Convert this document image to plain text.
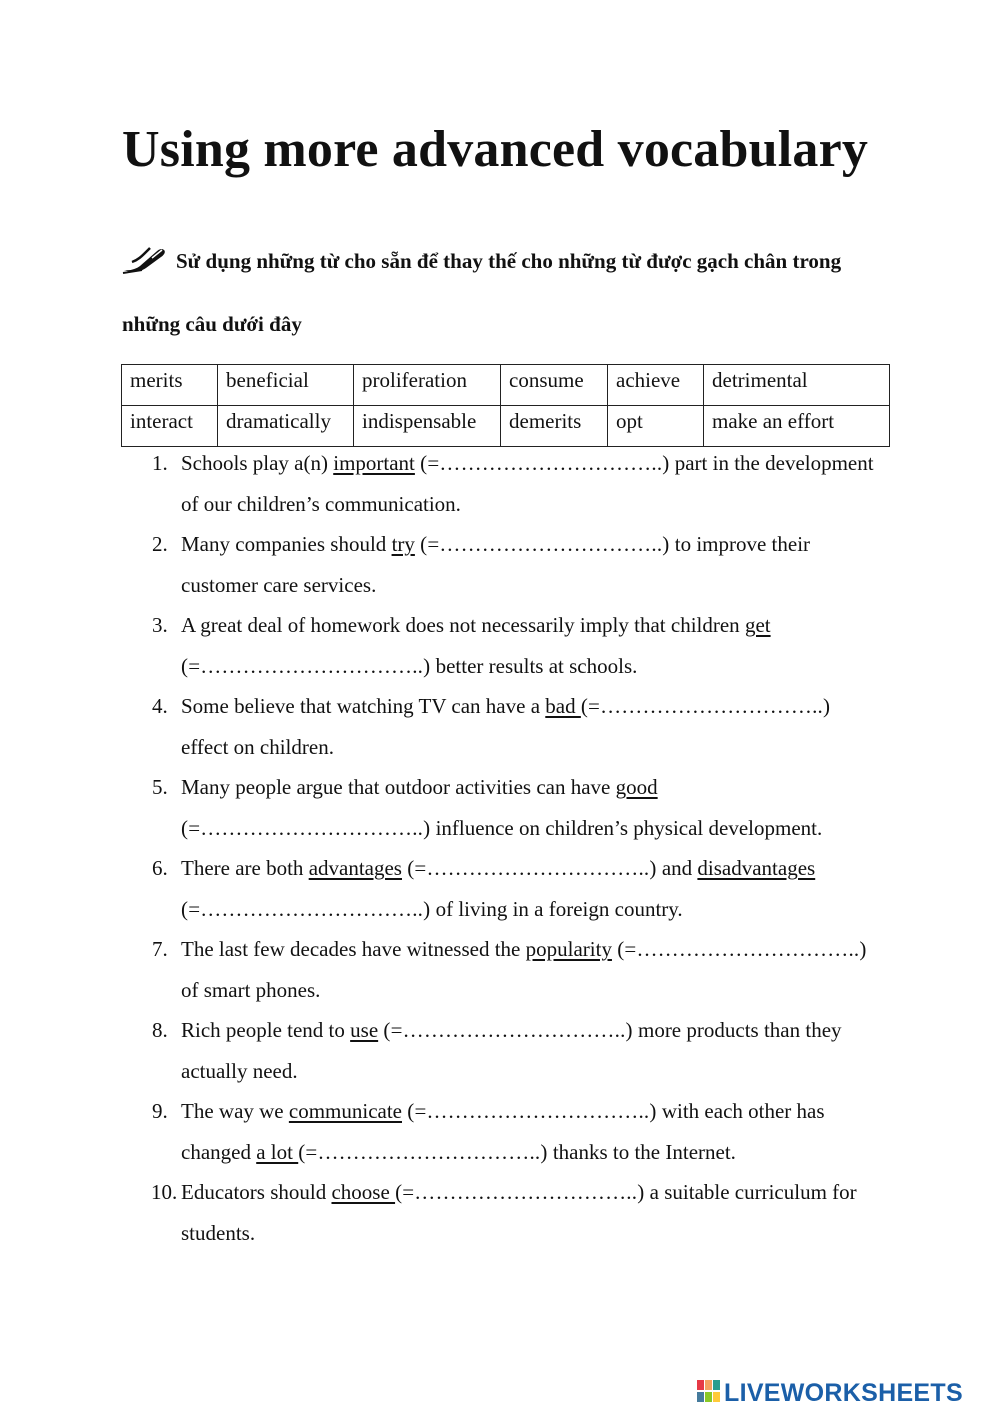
Using more advanced vocabulary
Sử dụng những từ cho sẵn để thay thế cho những từ được gạch chân trong
những câu dưới đây
merits	beneficial	proliferation	consume	achieve	detrimental
interact	dramatically	indispensable	demerits	opt	make an effort
1. Schools play a(n) important (=…………………………..) part in the development
of our children’s communication.
2. Many companies should try (=…………………………..) to improve their
customer care services.
3. A great deal of homework does not necessarily imply that children get
(=…………………………..) better results at schools.
4. Some believe that watching TV can have a bad (=…………………………..)
effect on children.
5. Many people argue that outdoor activities can have good
(=…………………………..) influence on children’s physical development.
6. There are both advantages (=…………………………..) and disadvantages
(=…………………………..) of living in a foreign country.
7. The last few decades have witnessed the popularity (=…………………………..)
of smart phones.
8. Rich people tend to use (=…………………………..) more products than they
actually need.
9. The way we communicate (=…………………………..) with each other has
changed a lot (=…………………………..) thanks to the Internet.
10. Educators should choose (=…………………………..) a suitable curriculum for
students.
LIVEWORKSHEETS
